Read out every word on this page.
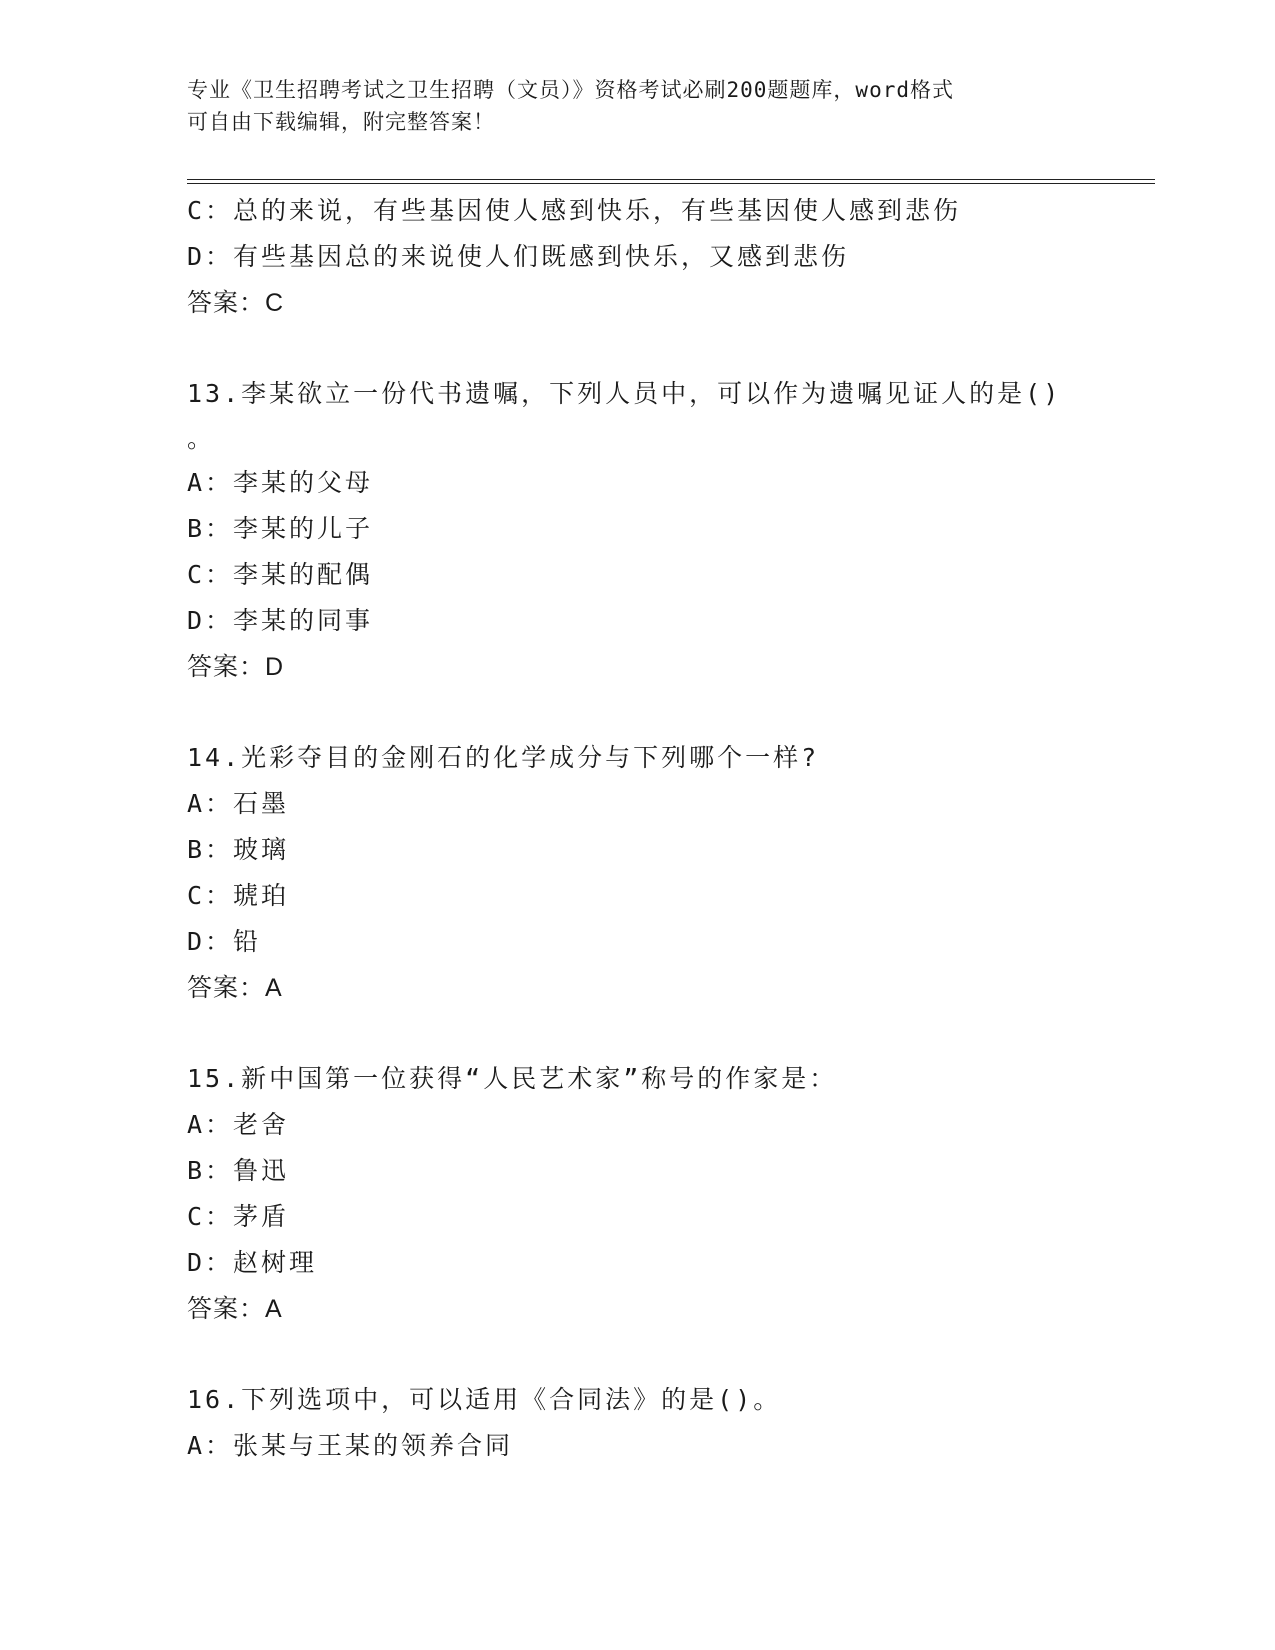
专业《卫生招聘考试之卫生招聘（文员）》资格考试必刷200题题库，word格式
可自由下载编辑，附完整答案！
C：总的来说，有些基因使人感到快乐，有些基因使人感到悲伤
D：有些基因总的来说使人们既感到快乐，又感到悲伤
答案：C
13.李某欲立一份代书遗嘱，下列人员中，可以作为遗嘱见证人的是()
。
A：李某的父母
B：李某的儿子
C：李某的配偶
D：李某的同事
答案：D
14.光彩夺目的金刚石的化学成分与下列哪个一样?
A：石墨
B：玻璃
C：琥珀
D：铅
答案：A
15.新中国第一位获得“人民艺术家”称号的作家是：
A：老舍
B：鲁迅
C：茅盾
D：赵树理
答案：A
16.下列选项中，可以适用《合同法》的是()。
A：张某与王某的领养合同
